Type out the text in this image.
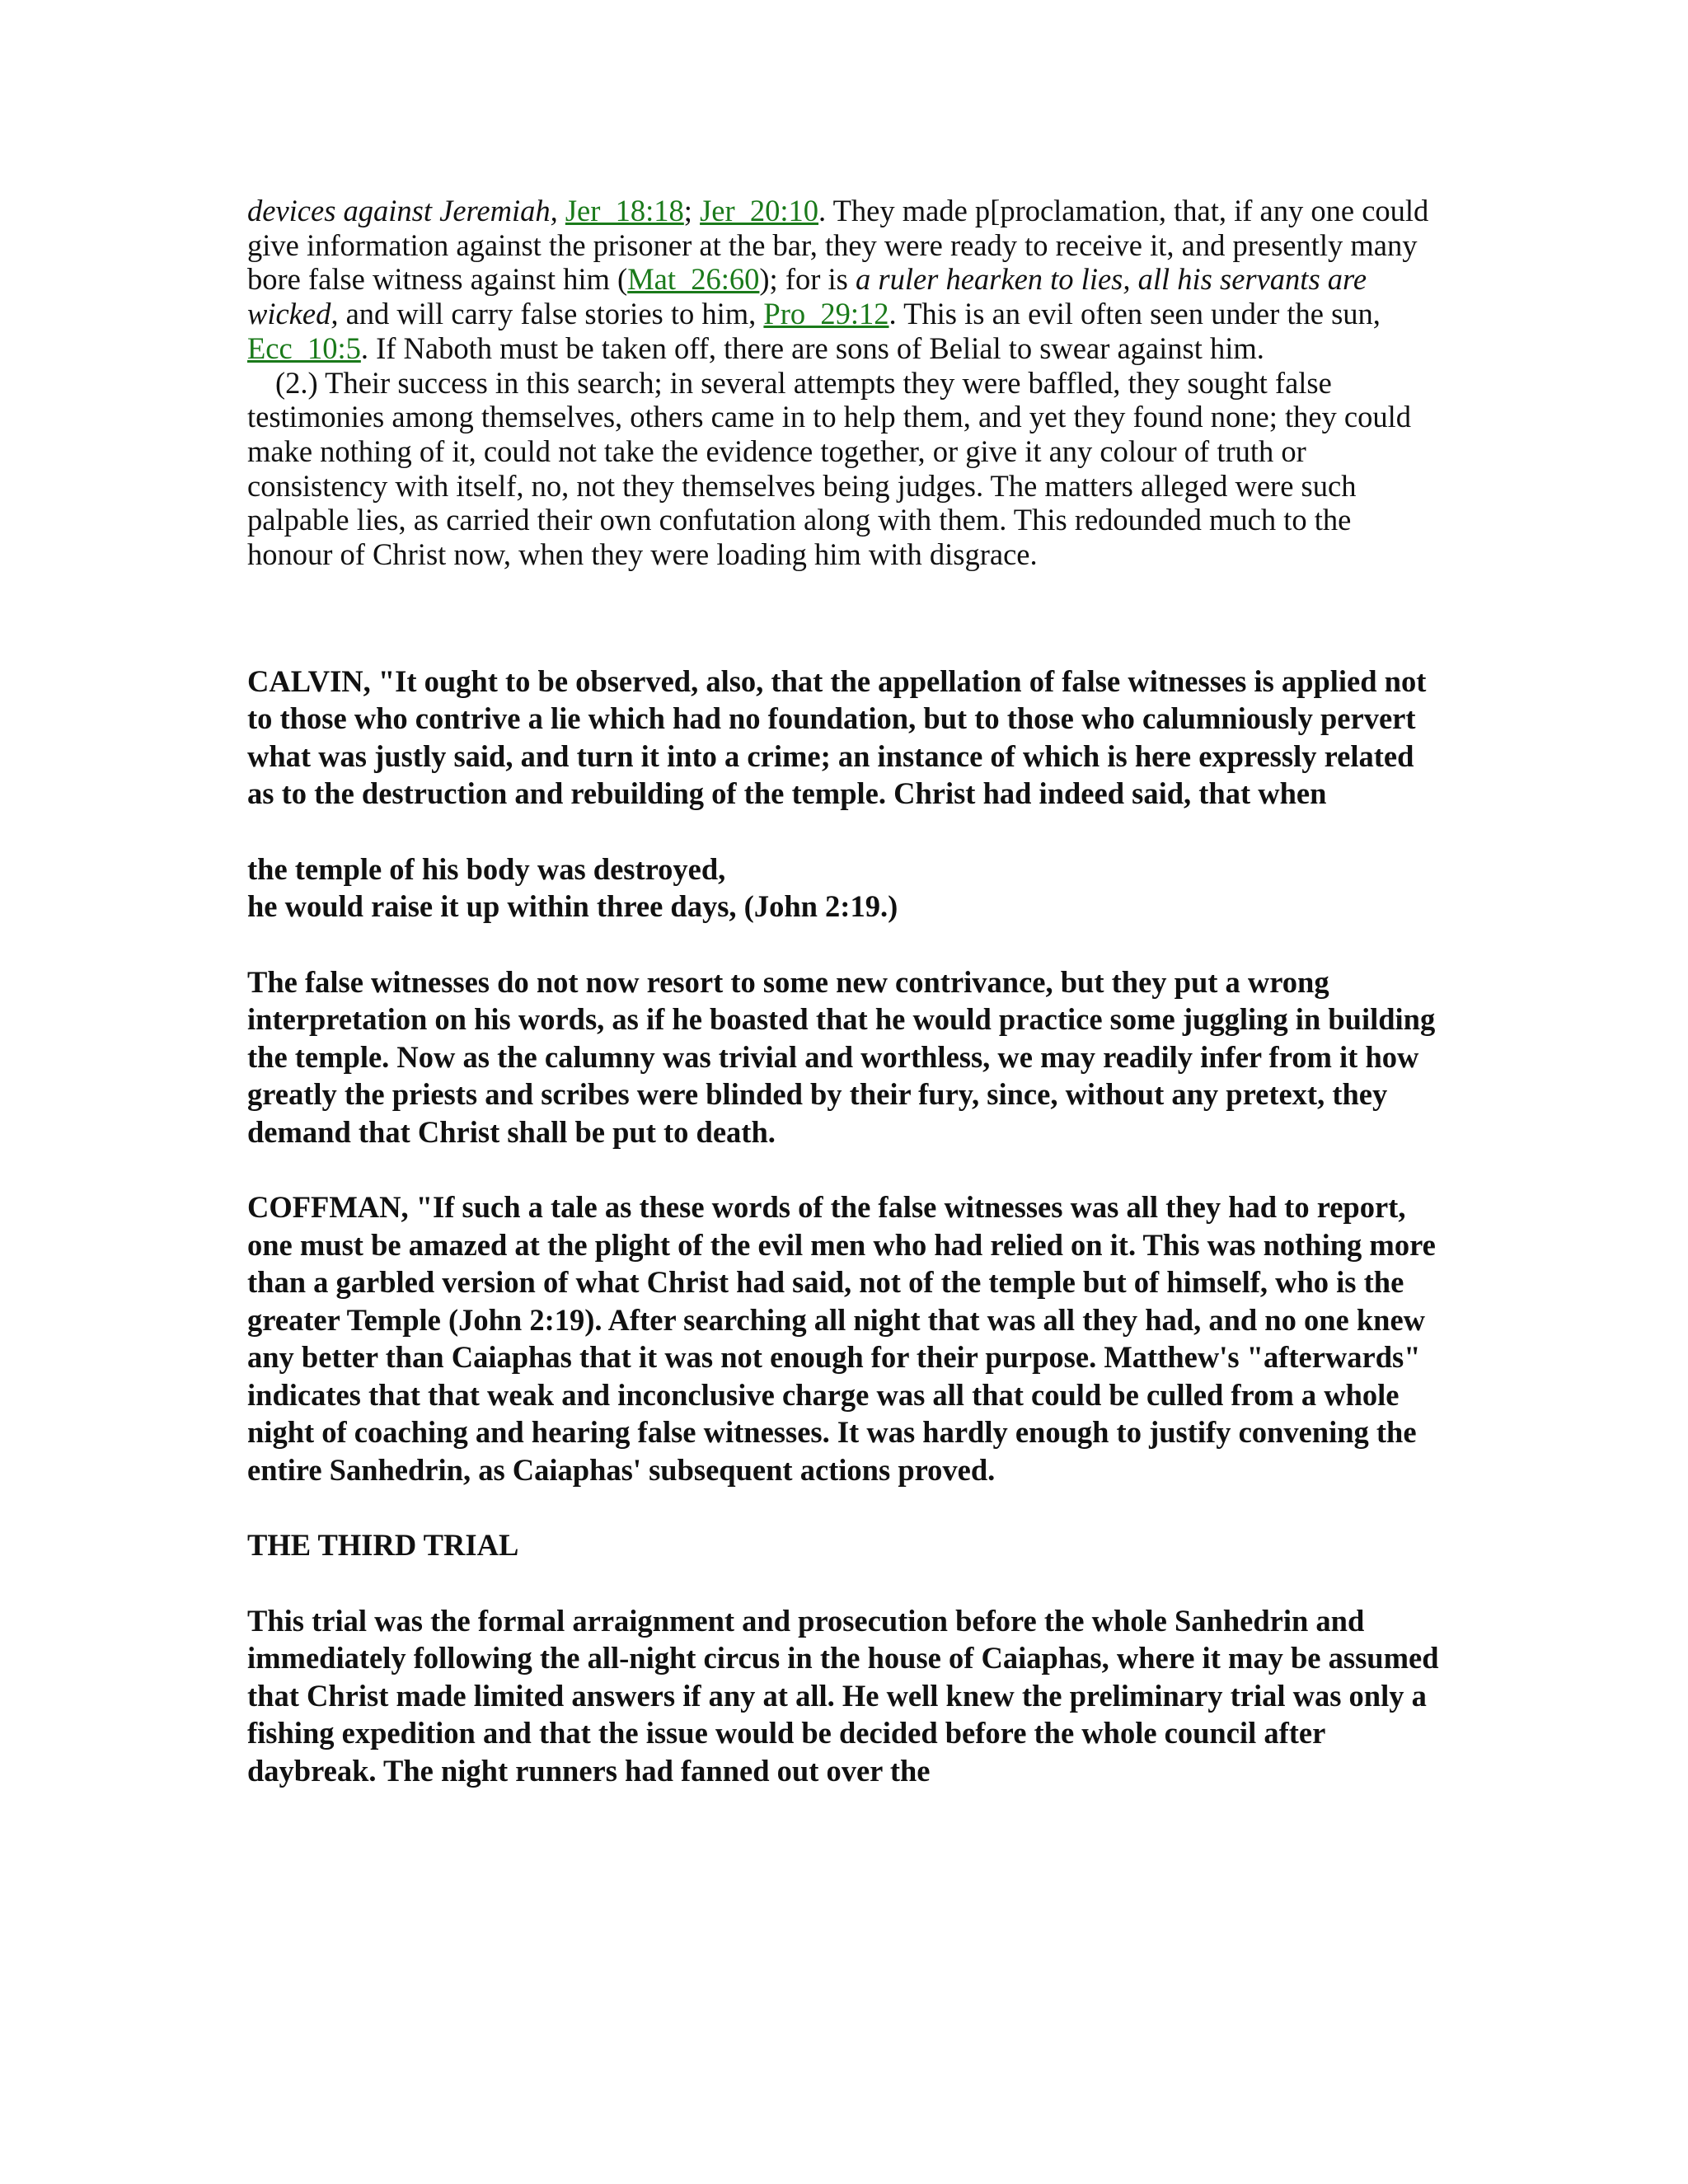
devices against Jeremiah, Jer_18:18; Jer_20:10. They made p[proclamation, that, if any one could give information against the prisoner at the bar, they were ready to receive it, and presently many bore false witness against him (Mat_26:60); for is a ruler hearken to lies, all his servants are wicked, and will carry false stories to him, Pro_29:12. This is an evil often seen under the sun, Ecc_10:5. If Naboth must be taken off, there are sons of Belial to swear against him.

(2.) Their success in this search; in several attempts they were baffled, they sought false testimonies among themselves, others came in to help them, and yet they found none; they could make nothing of it, could not take the evidence together, or give it any colour of truth or consistency with itself, no, not they themselves being judges. The matters alleged were such palpable lies, as carried their own confutation along with them. This redounded much to the honour of Christ now, when they were loading him with disgrace.

CALVIN, "It ought to be observed, also, that the appellation of false witnesses is applied not to those who contrive a lie which had no foundation, but to those who calumniously pervert what was justly said, and turn it into a crime; an instance of which is here expressly related as to the destruction and rebuilding of the temple. Christ had indeed said, that when

the temple of his body was destroyed,

he would raise it up within three days, (John 2:19.)

The false witnesses do not now resort to some new contrivance, but they put a wrong interpretation on his words, as if he boasted that he would practice some juggling in building the temple. Now as the calumny was trivial and worthless, we may readily infer from it how greatly the priests and scribes were blinded by their fury, since, without any pretext, they demand that Christ shall be put to death.

COFFMAN, "If such a tale as these words of the false witnesses was all they had to report, one must be amazed at the plight of the evil men who had relied on it. This was nothing more than a garbled version of what Christ had said, not of the temple but of himself, who is the greater Temple (John 2:19). After searching all night that was all they had, and no one knew any better than Caiaphas that it was not enough for their purpose. Matthew's "afterwards" indicates that that weak and inconclusive charge was all that could be culled from a whole night of coaching and hearing false witnesses. It was hardly enough to justify convening the entire Sanhedrin, as Caiaphas' subsequent actions proved.

THE THIRD TRIAL

This trial was the formal arraignment and prosecution before the whole Sanhedrin and immediately following the all-night circus in the house of Caiaphas, where it may be assumed that Christ made limited answers if any at all. He well knew the preliminary trial was only a fishing expedition and that the issue would be decided before the whole council after daybreak. The night runners had fanned out over the
